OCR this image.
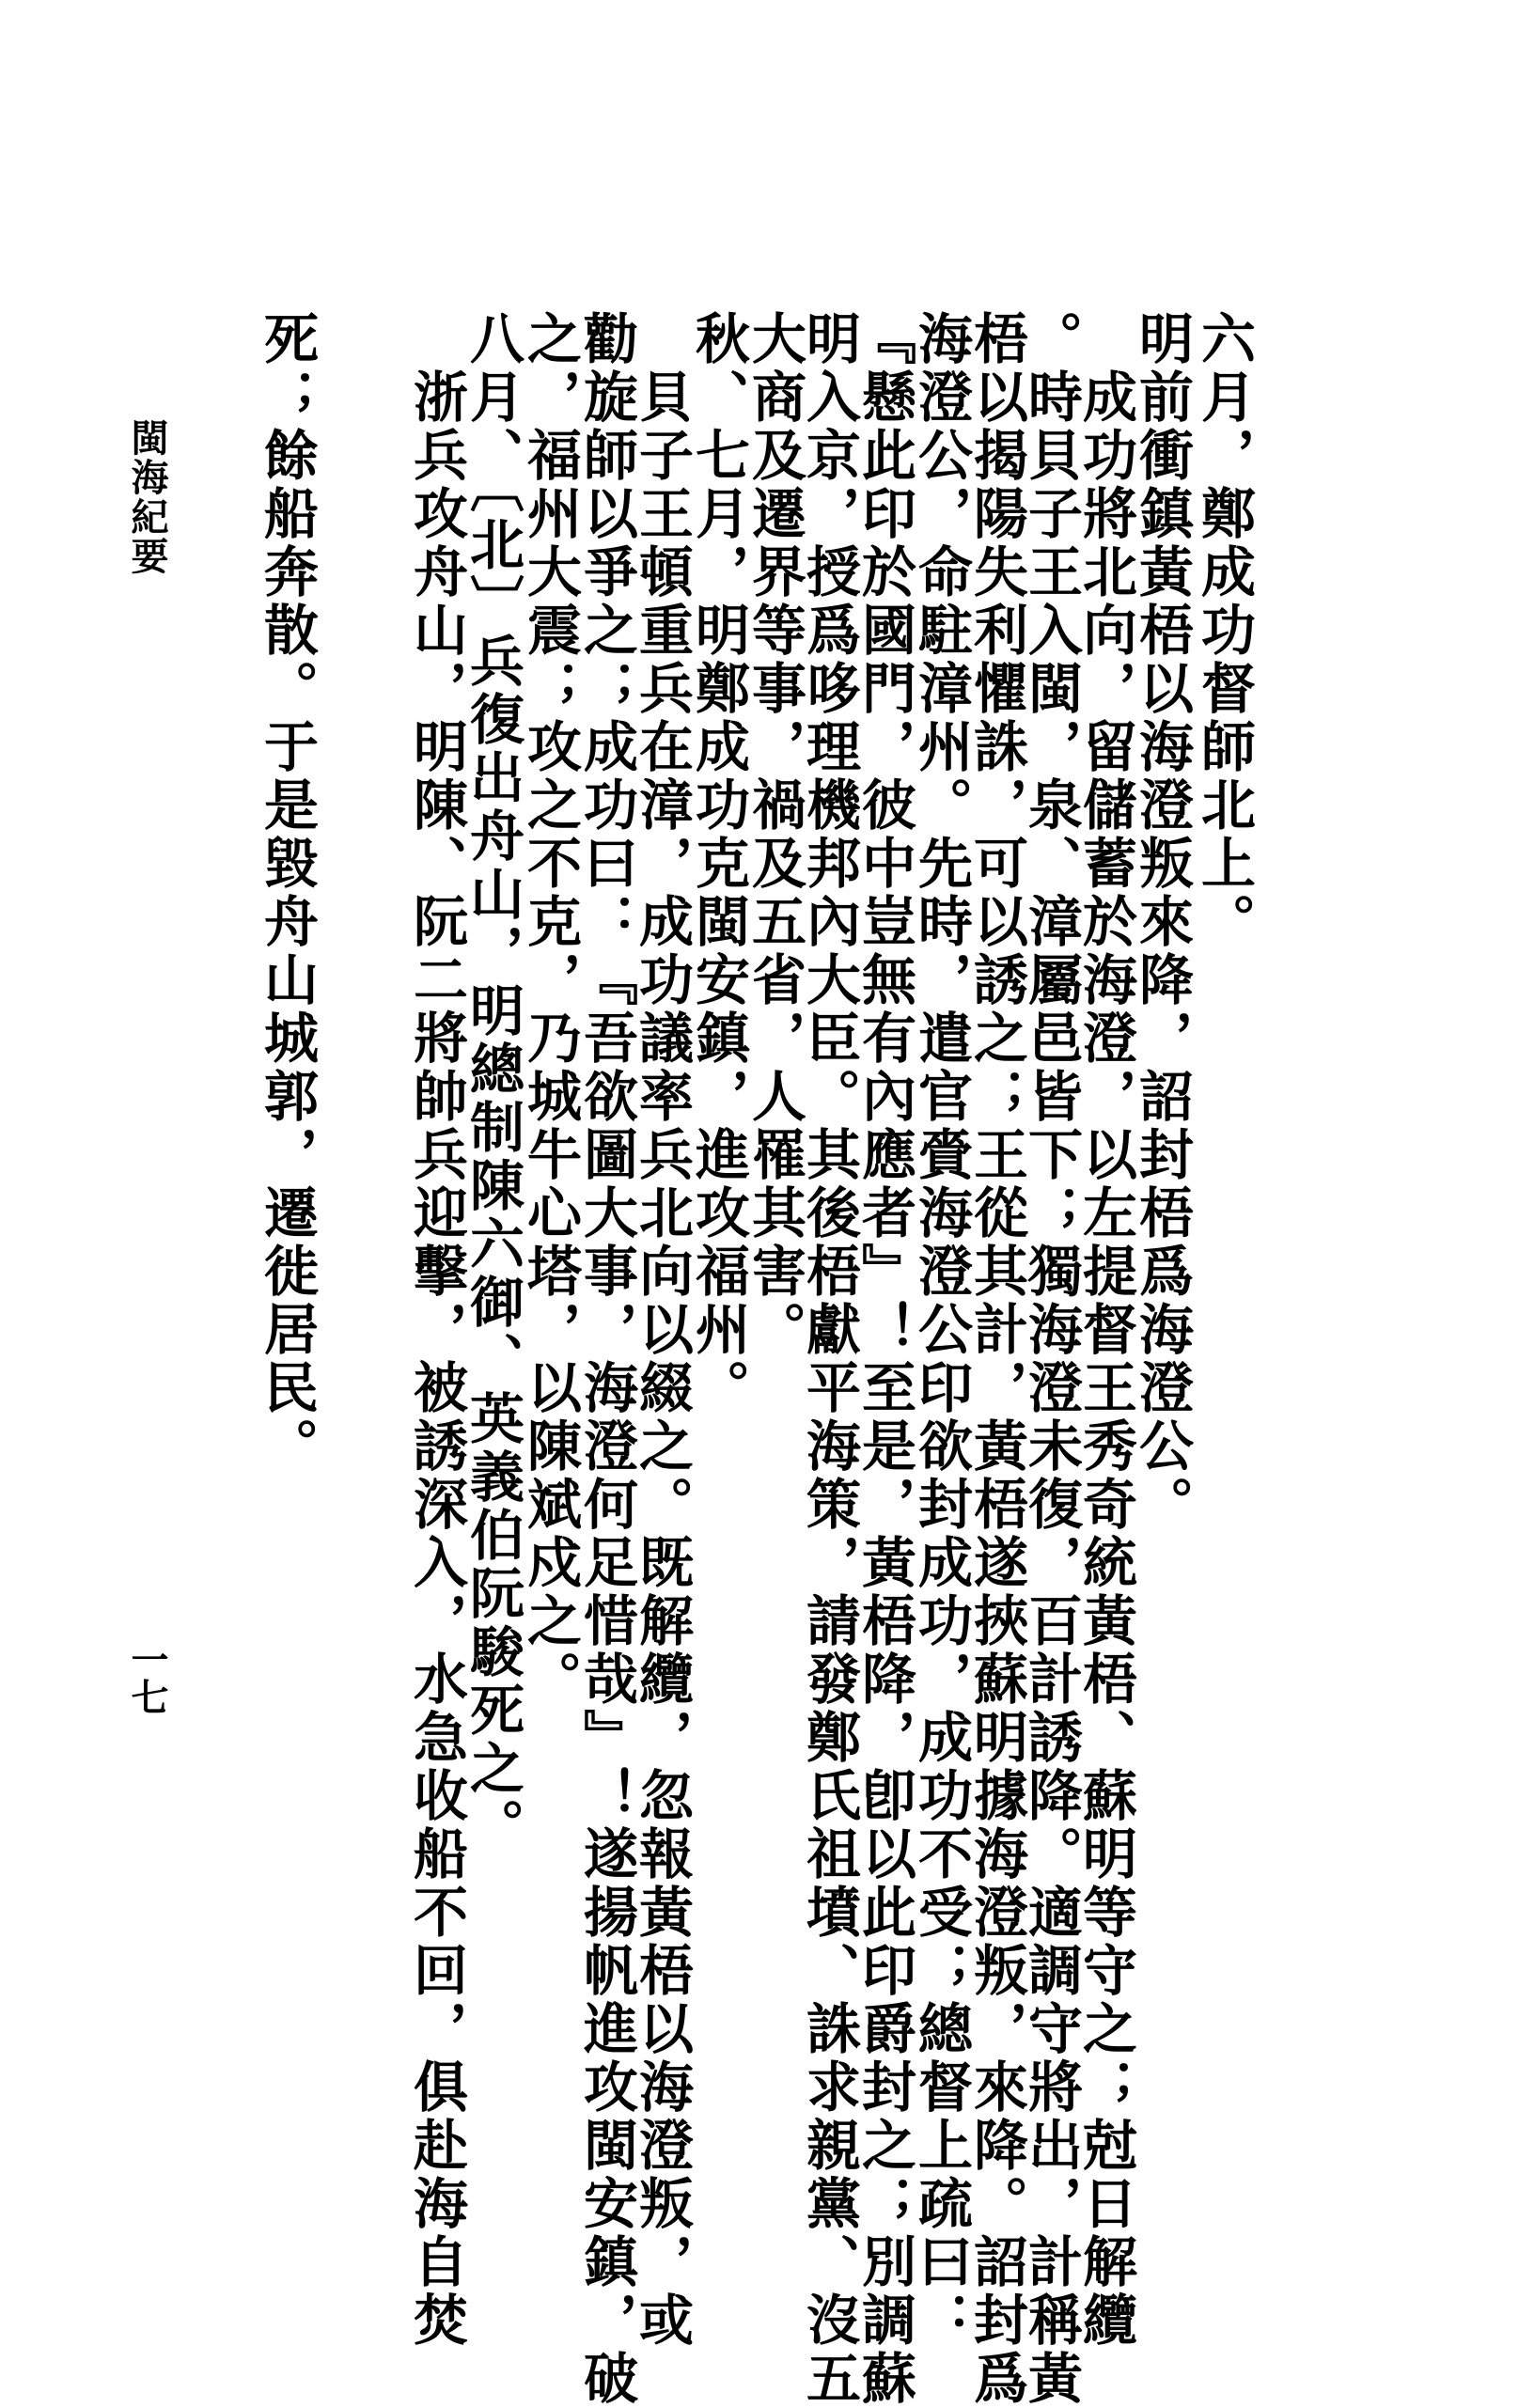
六月，鄭成功督師北上。
明前衝鎮黃梧以海澄叛來降，詔封梧爲海澄公。
　成功將北向，留儲蓄於海澄，以左提督王秀奇統黃梧、蘇明等守之；尅日解纜
。時貝子王入閩，泉、漳屬邑皆下；獨海澄未復，百計誘降。適調守將出，計稱黃
梧以揭陽失利懼誅，可以誘之；王從其計，黃梧遂挾蘇明據海澄叛，來降。詔封爲
海澄公，命駐漳州。先時，遣官賫海澄公印欲封成功，成功不受；總督上疏曰：
『懸此印於國門，彼中豈無有內應者』！至是，黃梧降，卽以此印爵封之；別調蘇
明入京，授爲哆理機邦內大臣。其後梧獻平海策，請發鄭氏祖墳、誅求親黨、沒五
大商及遷界等事，禍及五省，人罹其害。
秋、七月，明鄭成功克閩安鎮，進攻福州。
　貝子王頓重兵在漳，成功議率兵北向以綴之。既解纜，忽報黃梧以海澄叛，或
勸旋師以爭之；成功曰：『吾欲圖大事，海澄何足惜哉』！遂揚帆進攻閩安鎮，破
之，福州大震；攻之不克，乃城牛心塔，以陳斌戍之。
八月、〔北〕兵復出舟山，明總制陳六御、英義伯阮駿死之。
　浙兵攻舟山，明陳、阮二將帥兵迎擊，被誘深入，水急收船不回，俱赴海自焚
死；餘船奔散。于是毀舟山城郭，遷徙居民。
閩海紀要
一七
